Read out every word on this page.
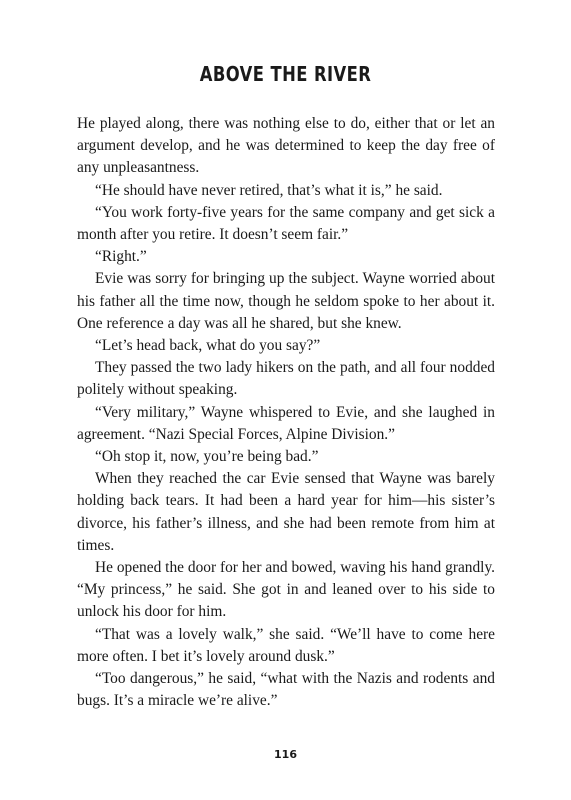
ABOVE THE RIVER

He played along, there was nothing else to do, either that or let an argument develop, and he was determined to keep the day free of any unpleasantness.

“He should have never retired, that’s what it is,” he said.

“You work forty-five years for the same company and get sick a month after you retire. It doesn’t seem fair.”

“Right.”

Evie was sorry for bringing up the subject. Wayne worried about his father all the time now, though he seldom spoke to her about it. One reference a day was all he shared, but she knew.

“Let’s head back, what do you say?”

They passed the two lady hikers on the path, and all four nodded politely without speaking.

“Very military,” Wayne whispered to Evie, and she laughed in agreement. “Nazi Special Forces, Alpine Division.”

“Oh stop it, now, you’re being bad.”

When they reached the car Evie sensed that Wayne was barely holding back tears. It had been a hard year for him—his sister’s divorce, his father’s illness, and she had been remote from him at times.

He opened the door for her and bowed, waving his hand grandly. “My princess,” he said. She got in and leaned over to his side to unlock his door for him.

“That was a lovely walk,” she said. “We’ll have to come here more often. I bet it’s lovely around dusk.”

“Too dangerous,” he said, “what with the Nazis and rodents and bugs. It’s a miracle we’re alive.”

116
